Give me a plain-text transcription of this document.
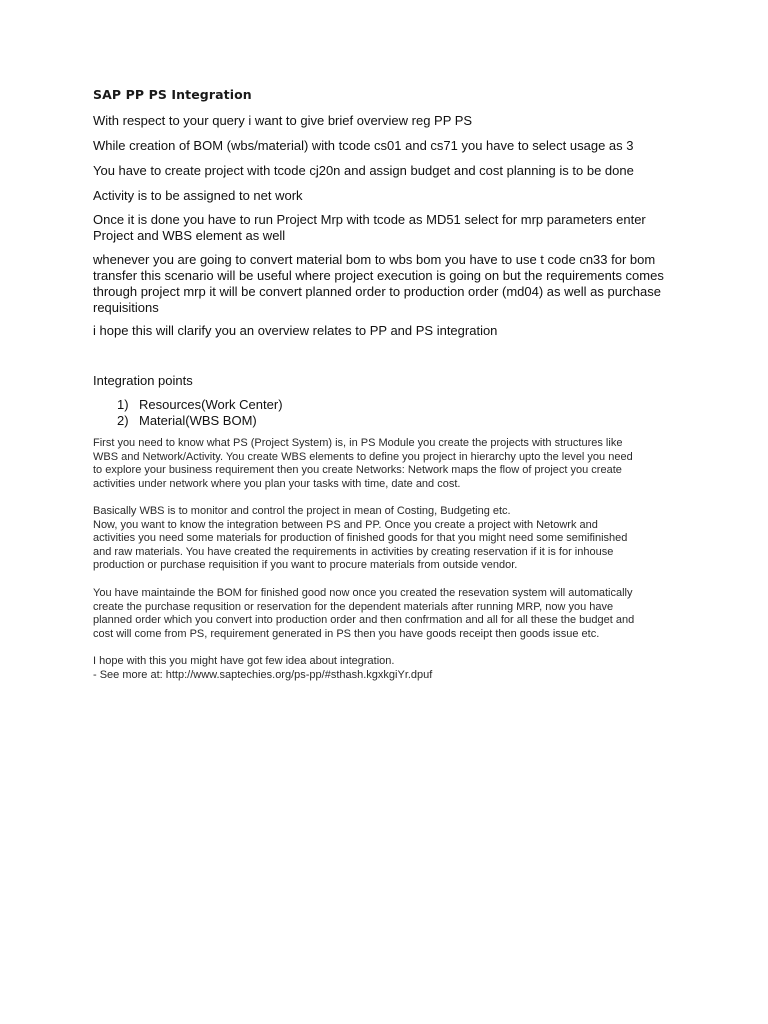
SAP PP PS Integration
With respect to your query i want to give brief overview reg PP PS
While creation of BOM (wbs/material) with tcode cs01 and cs71 you have to select usage as 3
You have to create project with tcode cj20n and assign budget and cost planning is to be done
Activity is to be assigned to net work
Once it is done you have to run Project Mrp with tcode as MD51 select for mrp parameters enter
Project and WBS element as well
whenever you are going to convert material bom to wbs bom you have to use t code cn33 for bom
transfer this scenario will be useful where project execution is going on but the requirements comes
through project mrp it will be convert planned order to production order (md04) as well as purchase
requisitions
i hope this will clarify you an overview relates to PP and PS integration
Integration points
1) Resources(Work Center)
2) Material(WBS BOM)
First you need to know what PS (Project System) is, in PS Module you create the projects with structures like
WBS and Network/Activity. You create WBS elements to define you project in hierarchy upto the level you need
to explore your business requirement then you create Networks: Network maps the flow of project you create
activities under network where you plan your tasks with time, date and cost.
Basically WBS is to monitor and control the project in mean of Costing, Budgeting etc.
Now, you want to know the integration between PS and PP. Once you create a project with Netowrk and
activities you need some materials for production of finished goods for that you might need some semifinished
and raw materials. You have created the requirements in activities by creating reservation if it is for inhouse
production or purchase requisition if you want to procure materials from outside vendor.
You have maintainde the BOM for finished good now once you created the resevation system will automatically
create the purchase requsition or reservation for the dependent materials after running MRP, now you have
planned order which you convert into production order and then confrmation and all for all these the budget and
cost will come from PS, requirement generated in PS then you have goods receipt then goods issue etc.
I hope with this you might have got few idea about integration.
- See more at: http://www.saptechies.org/ps-pp/#sthash.kgxkgiYr.dpuf
